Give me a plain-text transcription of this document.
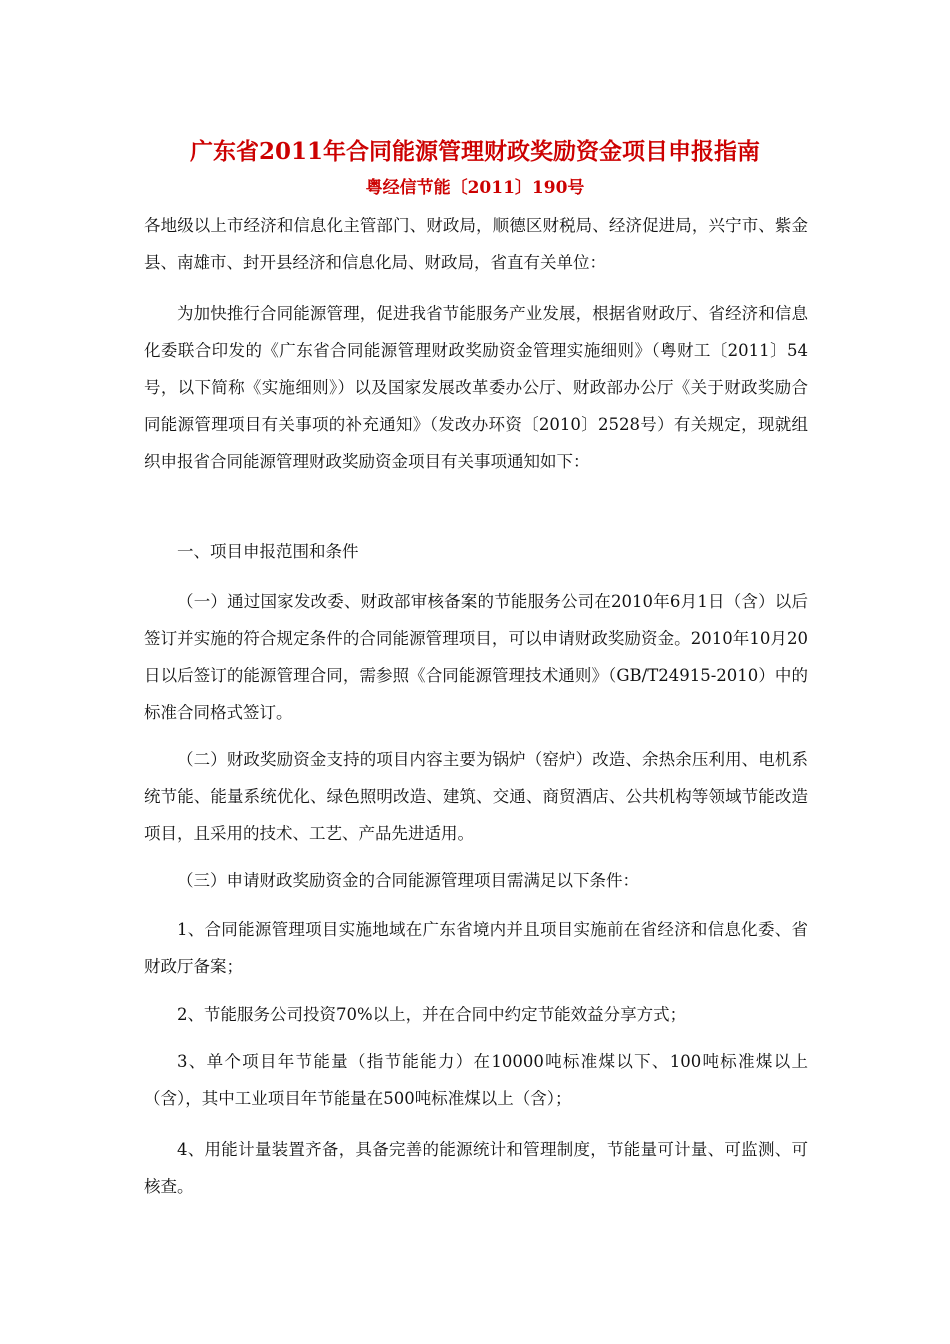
广东省2011年合同能源管理财政奖励资金项目申报指南
粤经信节能〔2011〕190号

各地级以上市经济和信息化主管部门、财政局，顺德区财税局、经济促进局，兴宁市、紫金县、南雄市、封开县经济和信息化局、财政局，省直有关单位：

为加快推行合同能源管理，促进我省节能服务产业发展，根据省财政厅、省经济和信息化委联合印发的《广东省合同能源管理财政奖励资金管理实施细则》（粤财工〔2011〕54号，以下简称《实施细则》）以及国家发展改革委办公厅、财政部办公厅《关于财政奖励合同能源管理项目有关事项的补充通知》（发改办环资〔2010〕2528号）有关规定，现就组织申报省合同能源管理财政奖励资金项目有关事项通知如下：

一、项目申报范围和条件

（一）通过国家发改委、财政部审核备案的节能服务公司在2010年6月1日（含）以后签订并实施的符合规定条件的合同能源管理项目，可以申请财政奖励资金。2010年10月20日以后签订的能源管理合同，需参照《合同能源管理技术通则》（GB/T24915-2010）中的标准合同格式签订。

（二）财政奖励资金支持的项目内容主要为锅炉（窑炉）改造、余热余压利用、电机系统节能、能量系统优化、绿色照明改造、建筑、交通、商贸酒店、公共机构等领域节能改造项目，且采用的技术、工艺、产品先进适用。

（三）申请财政奖励资金的合同能源管理项目需满足以下条件：

1、合同能源管理项目实施地域在广东省境内并且项目实施前在省经济和信息化委、省财政厅备案；

2、节能服务公司投资70%以上，并在合同中约定节能效益分享方式；

3、单个项目年节能量（指节能能力）在10000吨标准煤以下、100吨标准煤以上（含），其中工业项目年节能量在500吨标准煤以上（含）；

4、用能计量装置齐备，具备完善的能源统计和管理制度，节能量可计量、可监测、可核查。
